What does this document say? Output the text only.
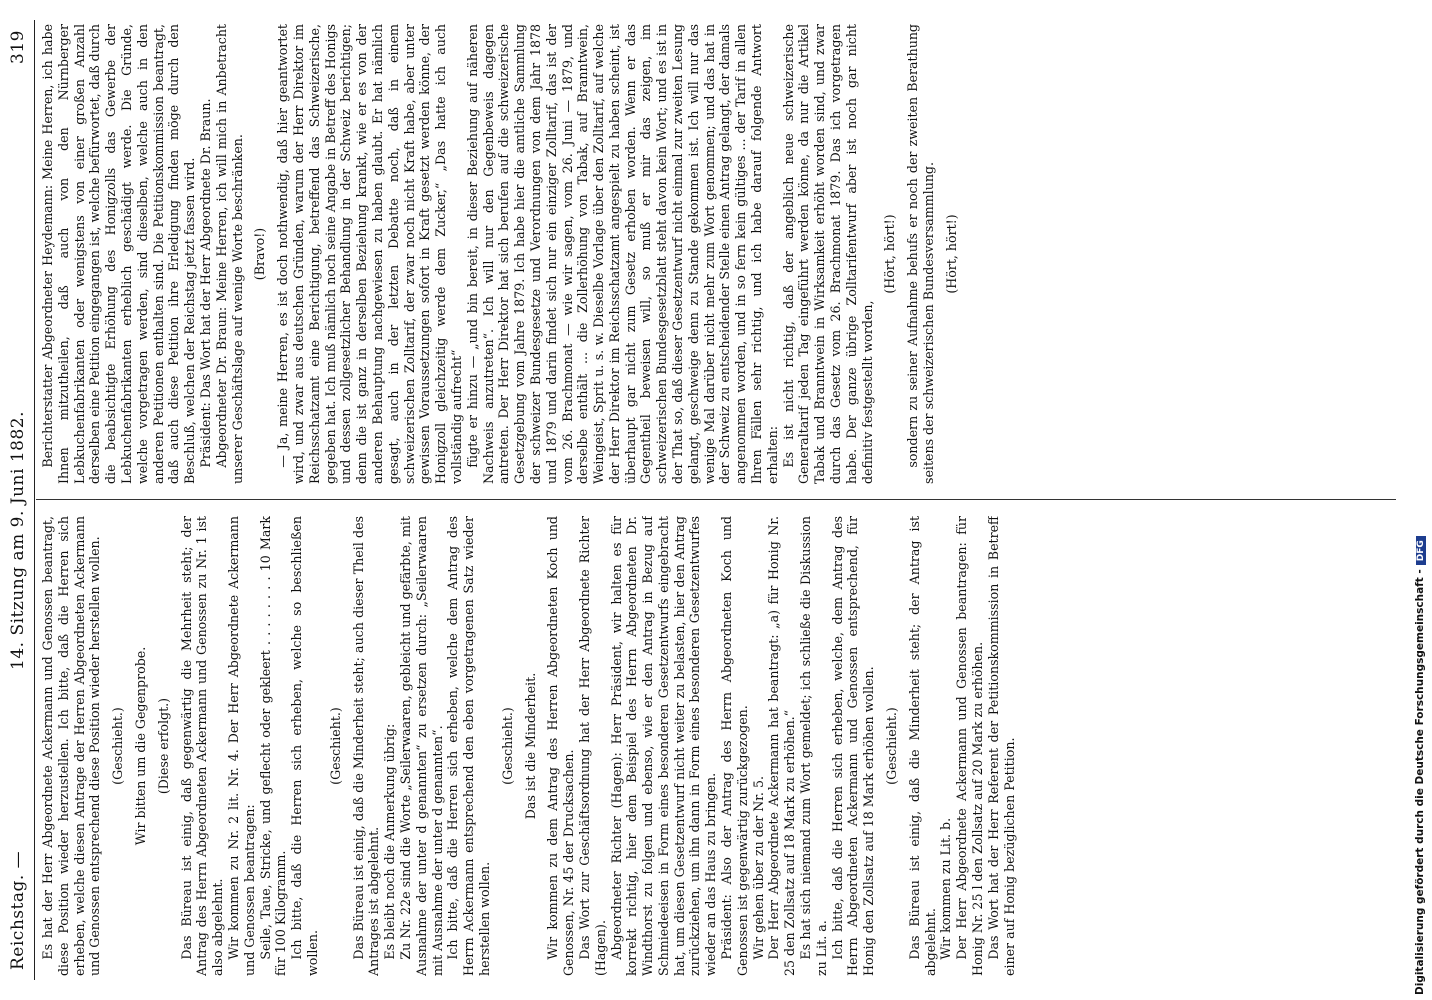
Reichstag. —
14. Sitzung am 9. Juni 1882.
319

Es hat der Herr Abgeordnete Ackermann und Genossen beantragt, diese Position wieder herzustellen. Ich bitte, daß die Herren sich erheben, welche diesen Antrage der Herren Abgeordneten Ackermann und Genossen entsprechend diese Position wieder herstellen wollen. (Geschieht.) Wir bitten um die Gegenprobe. (Diese erfolgt.) Das Büreau ist einig, daß gegenwärtig die Mehrheit steht; der Antrag des Herrn Abgeordneten Ackermann und Genossen zu Nr. 1 ist also abgelehnt. Wir kommen zu Nr. 2 lit. Nr. 4. Der Herr Abgeordnete Ackermann und Genossen beantragen: Seile, Taue, Stricke, und geflecht oder gekleert . . . . . . . . 10 Mark für 100 Kilogramm. Ich bitte, daß die Herren sich erheben, welche so beschließen wollen.

(Geschieht.) Das Büreau ist einig, daß die Minderheit steht; auch dieser Theil des Antrages ist abgelehnt. Es bleibt noch die Anmerkung übrig: Zu Nr. 22e sind die Worte „Seilerwaaren, gebleicht und gefärbte, mit Ausnahme der unter d genannten“ zu ersetzen durch: „Seilerwaaren mit Ausnahme der unter d genannten“. Ich bitte, daß die Herren sich erheben, welche dem Antrag des Herrn Ackermann entsprechend den eben vorgetragenen Satz wieder herstellen wollen.

(Geschieht.) Das ist die Minderheit. Wir kommen zu dem Antrag des Herren Abgeordneten Koch und Genossen, Nr. 45 der Drucksachen. Das Wort zur Geschäftsordnung hat der Herr Abgeordnete Richter (Hagen). Abgeordneter Richter (Hagen): Herr Präsident, wir halten es für korrekt richtig, hier dem Beispiel des Herrn Abgeordneten Dr. Windthorst zu folgen und ebenso, wie er den Antrag in Bezug auf Schmiedeeisen in Form eines besonderen Gesetzentwurfs eingebracht hat, um diesen Gesetzentwurf nicht weiter zu belasten, hier den Antrag zurückziehen, um ihn dann in Form eines besonderen Gesetzentwurfes wieder an das Haus zu bringen. Präsident: Also der Antrag des Herrn Abgeordneten Koch und Genossen ist gegenwärtig zurückgezogen. Wir gehen über zu der Nr. 5. Der Herr Abgeordnete Ackermann hat beantragt: „a) für Honig Nr. 25 den Zollsatz auf 18 Mark zu erhöhen.“ Es hat sich niemand zum Wort gemeldet; ich schließe die Diskussion zu Lit. a. Ich bitte, daß die Herren sich erheben, welche, dem Antrag des Herrn Abgeordneten Ackermann und Genossen entsprechend, für Honig den Zollsatz auf 18 Mark erhöhen wollen. (Geschieht.) Das Büreau ist einig, daß die Minderheit steht; der Antrag ist abgelehnt. Wir kommen zu Lit. b. Der Herr Abgeordnete Ackermann und Genossen beantragen: für Honig Nr. 25 l den Zollsatz auf 20 Mark zu erhöhen. Das Wort hat der Herr Referent der Petitionskommission in Betreff einer auf Honig bezüglichen Petition.

Berichterstatter Abgeordneter Heydemann: Meine Herren, ich habe Ihnen mitzutheilen, daß auch von den Nürnberger Lebkuchenfabrikanten oder wenigstens von einer großen Anzahl derselben eine Petition eingegangen ist, welche befürwortet, daß durch die beabsichtigte Erhöhung des Honigzolls das Gewerbe der Lebkuchenfabrikanten erheblich geschädigt werde. Die Gründe, welche vorgetragen werden, sind dieselben, welche auch in den anderen Petitionen enthalten sind. Die Petitionskommission beantragt, daß auch diese Petition ihre Erledigung finden möge durch den Beschluß, welchen der Reichstag jetzt fassen wird. Präsident: Das Wort hat der Herr Abgeordnete Dr. Braun. Abgeordneter Dr. Braun: Meine Herren, ich will mich in Anbetracht unserer Geschäftslage auf wenige Worte beschränken. (Bravo!) — Ja, meine Herren, es ist doch nothwendig, daß hier geantwortet wird, und zwar aus deutschen Gründen, warum der Herr Direktor im Reichsschatzamt eine Berichtigung, betreffend das Schweizerische, gegeben hat. Ich muß nämlich noch seine Angabe in Betreff des Honigs und dessen zollgesetzlicher Behandlung in der Schweiz berichtigen; denn die ist ganz in derselben Beziehung krankt, wie er es von der anderen Behauptung nachgewiesen zu haben glaubt. Er hat nämlich gesagt, auch in der letzten Debatte noch, daß in einem schweizerischen Zolltarif, der zwar noch nicht Kraft habe, aber unter gewissen Voraussetzungen sofort in Kraft gesetzt werden könne, der Honigzoll gleichzeitig werde dem Zucker,“ „Das hatte ich auch vollständig aufrecht“ fügte er hinzu — „und bin bereit, in dieser Beziehung auf näheren Nachweis anzutreten“. Ich will nur den Gegenbeweis dagegen antreten. Der Herr Direktor hat sich berufen auf die schweizerische Gesetzgebung vom Jahre 1879. Ich habe hier die amtliche Sammlung der schweizer Bundesgesetze und Verordnungen von dem Jahr 1878 und 1879 und darin findet sich nur ein einziger Zolltarif, das ist der vom 26. Brachmonat — wie wir sagen, vom 26. Juni — 1879, und derselbe enthält ... die Zollerhöhung von Tabak, auf Branntwein, Weingeist, Sprit u. s. w. Dieselbe Vorlage über den Zolltarif, auf welche der Herr Direktor im Reichsschatzamt angespielt zu haben scheint, ist überhaupt gar nicht zum Gesetz erhoben worden. Wenn er das Gegentheil beweisen will, so muß er mir das zeigen, im schweizerischen Bundesgesetzblatt steht davon kein Wort; und es ist in der That so, daß dieser Gesetzentwurf nicht einmal zur zweiten Lesung gelangt, geschweige denn zu Stande gekommen ist. Ich will nur das wenige Mal darüber nicht mehr zum Wort genommen; und das hat in der Schweiz zu entscheidender Stelle einen Antrag gelangt, der damals angenommen worden, und in so fern kein gültiges ... der Tarif in allen Ihren Fällen sehr richtig, und ich habe darauf folgende Antwort erhalten: Es ist nicht richtig, daß der angeblich neue schweizerische Generaltarif jeden Tag eingeführt werden könne, da nur die Artikel Tabak und Branntwein in Wirksamkeit erhöht worden sind, und zwar durch das Gesetz vom 26. Brachmonat 1879. Das ich vorgetragen habe. Der ganze übrige Zolltarifentwurf aber ist noch gar nicht definitiv festgestellt worden,

(Hört, hört!) sondern zu seiner Aufnahme behufs er noch der zweiten Berathung seitens der schweizerischen Bundesversammlung. (Hört, hört!)

Digitalisierung gefördert durch die Deutsche Forschungsgemeinschaft -DFG
